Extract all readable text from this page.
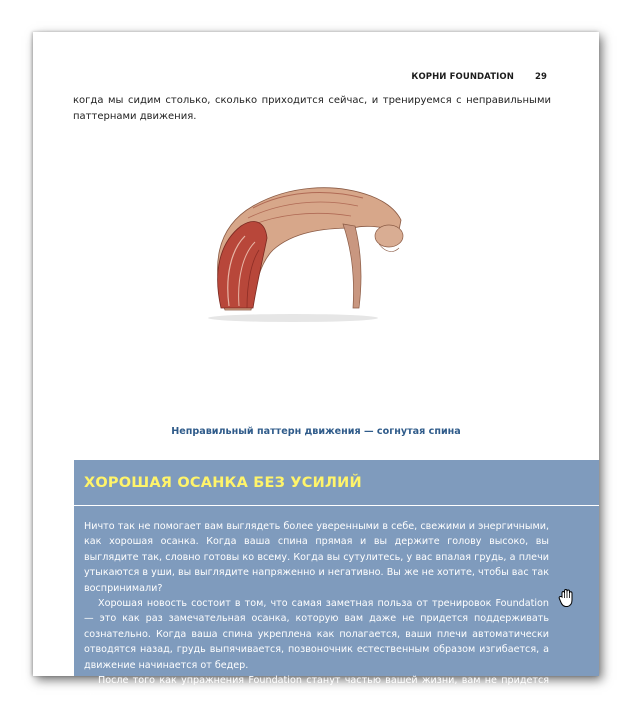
КОРНИ FOUNDATION 29
когда мы сидим столько, сколько приходится сейчас, и тренируемся с неправильными паттернами движения.
Неправильный паттерн движения — согнутая спина
ХОРОШАЯ ОСАНКА БЕЗ УСИЛИЙ

Ничто так не помогает вам выглядеть более уверенными в себе, свежими и энергичными, как хорошая осанка. Когда ваша спина прямая и вы держите голову высоко, вы выглядите так, словно готовы ко всему. Когда вы сутулитесь, у вас впалая грудь, а плечи утыкаются в уши, вы выглядите напряженно и негативно. Вы же не хотите, чтобы вас так воспринимали?

Хорошая новость состоит в том, что самая заметная польза от тренировок Foundation — это как раз замечательная осанка, которую вам даже не придется поддерживать сознательно. Когда ваша спина укреплена как полагается, ваши плечи автоматически отводятся назад, грудь выпячивается, позвоночник естественным образом изгибается, а движение начинается от бедер.

После того как упражнения Foundation станут частью вашей жизни, вам не придется со-
